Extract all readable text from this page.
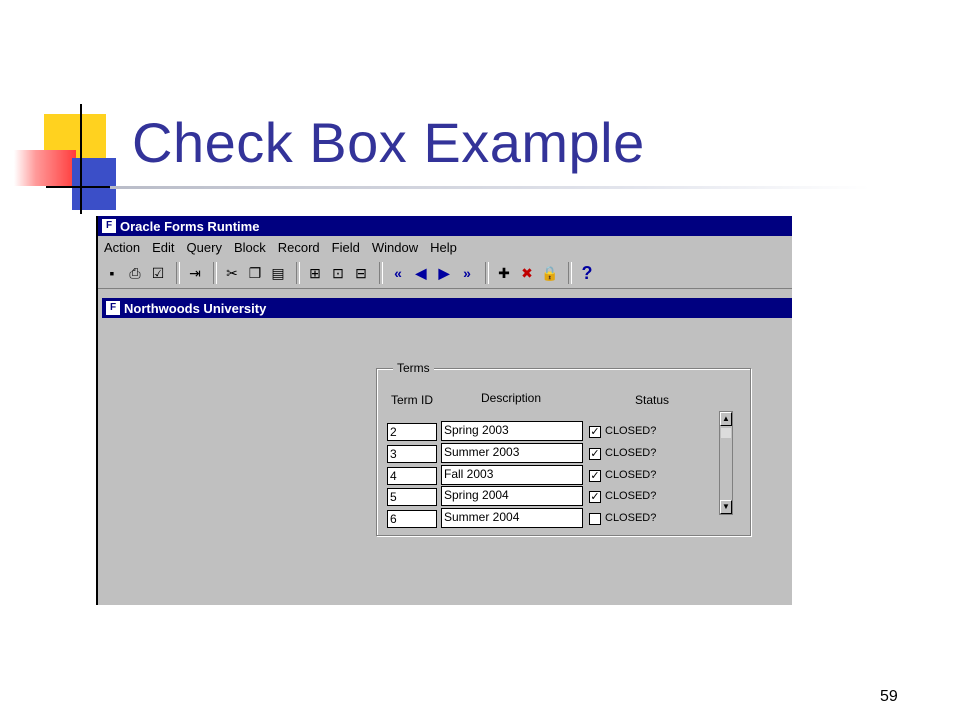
Check Box Example
59
F Oracle Forms Runtime
Action Edit Query Block Record Field Window Help
▪	⎙ ☑ ⇥ ✂ ❐ ▤ ⊞ ⊡ ⊟	« ◀ ▶ »	✚ ✖ 🔒 ?
F Northwoods University
Terms
Term ID	Description	Status
2	Spring 2003	✓ CLOSED?
3	Summer 2003	✓ CLOSED?
4	Fall 2003	✓ CLOSED?
5	Spring 2004	✓ CLOSED?
6	Summer 2004	CLOSED?
▲
▼
